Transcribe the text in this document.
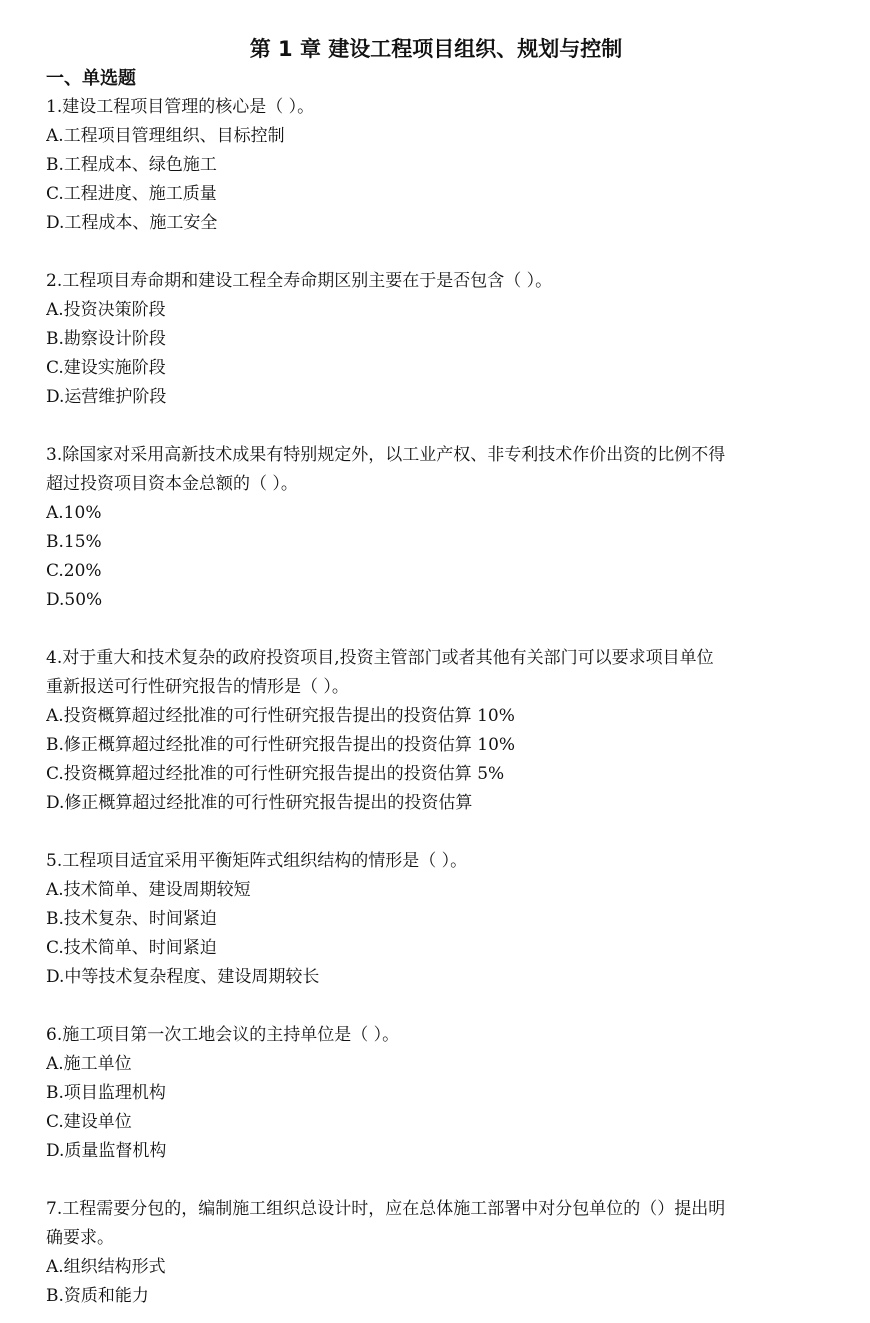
第 1 章 建设工程项目组织、规划与控制
一、单选题
1.建设工程项目管理的核心是（ ）。
A.工程项目管理组织、目标控制
B.工程成本、绿色施工
C.工程进度、施工质量
D.工程成本、施工安全
2.工程项目寿命期和建设工程全寿命期区别主要在于是否包含（ ）。
A.投资决策阶段
B.勘察设计阶段
C.建设实施阶段
D.运营维护阶段
3.除国家对采用高新技术成果有特别规定外，以工业产权、非专利技术作价出资的比例不得
超过投资项目资本金总额的（ ）。
A.10%
B.15%
C.20%
D.50%
4.对于重大和技术复杂的政府投资项目,投资主管部门或者其他有关部门可以要求项目单位
重新报送可行性研究报告的情形是（ ）。
A.投资概算超过经批准的可行性研究报告提出的投资估算 10%
B.修正概算超过经批准的可行性研究报告提出的投资估算 10%
C.投资概算超过经批准的可行性研究报告提出的投资估算 5%
D.修正概算超过经批准的可行性研究报告提出的投资估算
5.工程项目适宜采用平衡矩阵式组织结构的情形是（ ）。
A.技术简单、建设周期较短
B.技术复杂、时间紧迫
C.技术简单、时间紧迫
D.中等技术复杂程度、建设周期较长
6.施工项目第一次工地会议的主持单位是（ ）。
A.施工单位
B.项目监理机构
C.建设单位
D.质量监督机构
7.工程需要分包的，编制施工组织总设计时，应在总体施工部署中对分包单位的（）提出明
确要求。
A.组织结构形式
B.资质和能力
